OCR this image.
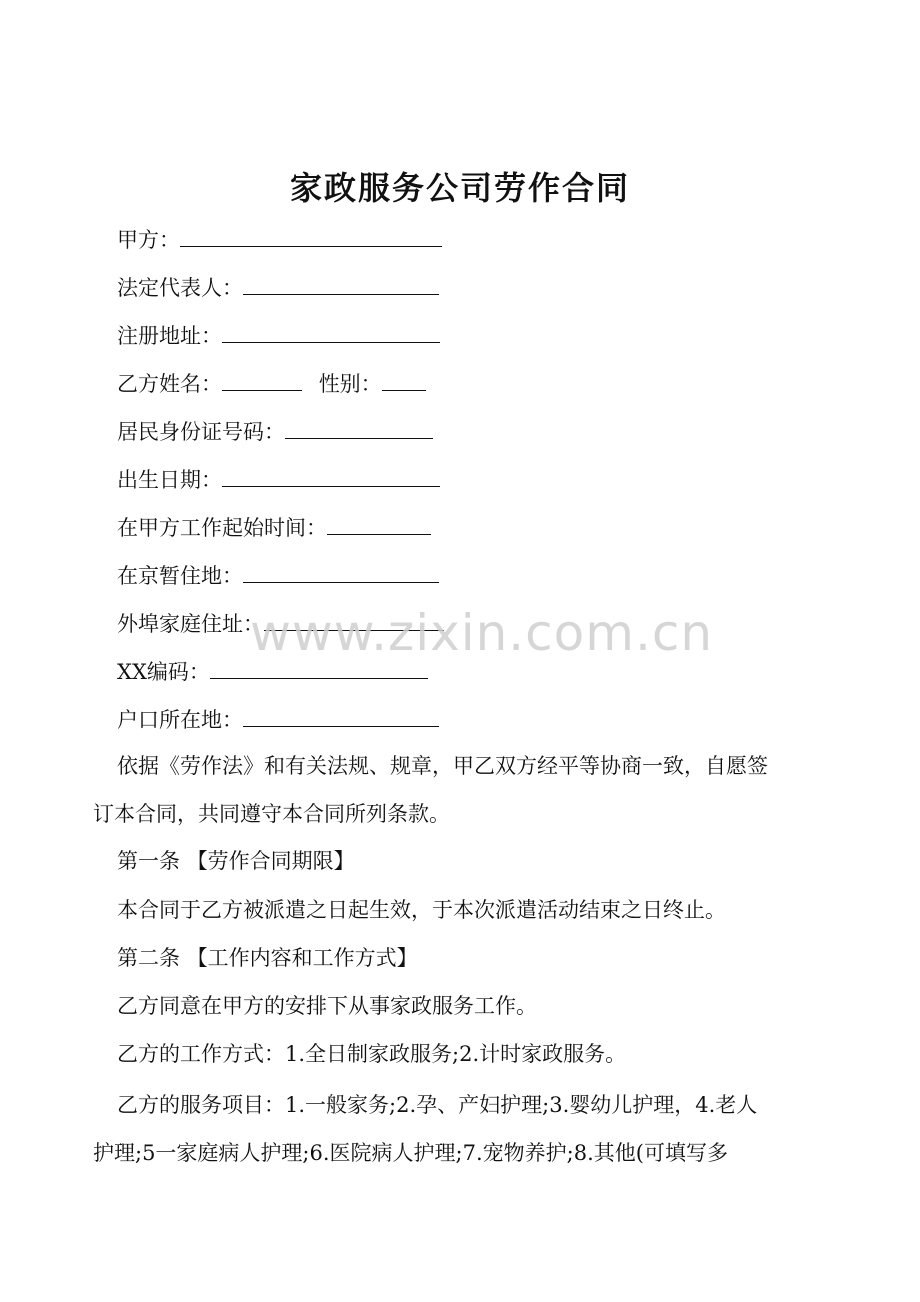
家政服务公司劳作合同
甲方：
法定代表人：
注册地址：
乙方姓名：	性别：
居民身份证号码：
出生日期：
在甲方工作起始时间：
在京暂住地：
外埠家庭住址：
XX编码：
户口所在地：
依据《劳作法》和有关法规、规章，甲乙双方经平等协商一致，自愿签
订本合同，共同遵守本合同所列条款。
第一条 【劳作合同期限】
本合同于乙方被派遣之日起生效，于本次派遣活动结束之日终止。
第二条 【工作内容和工作方式】
乙方同意在甲方的安排下从事家政服务工作。
乙方的工作方式：1.全日制家政服务;2.计时家政服务。
乙方的服务项目：1.一般家务;2.孕、产妇护理;3.婴幼儿护理，4.老人
护理;5一家庭病人护理;6.医院病人护理;7.宠物养护;8.其他(可填写多
www.zixin.com.cn
